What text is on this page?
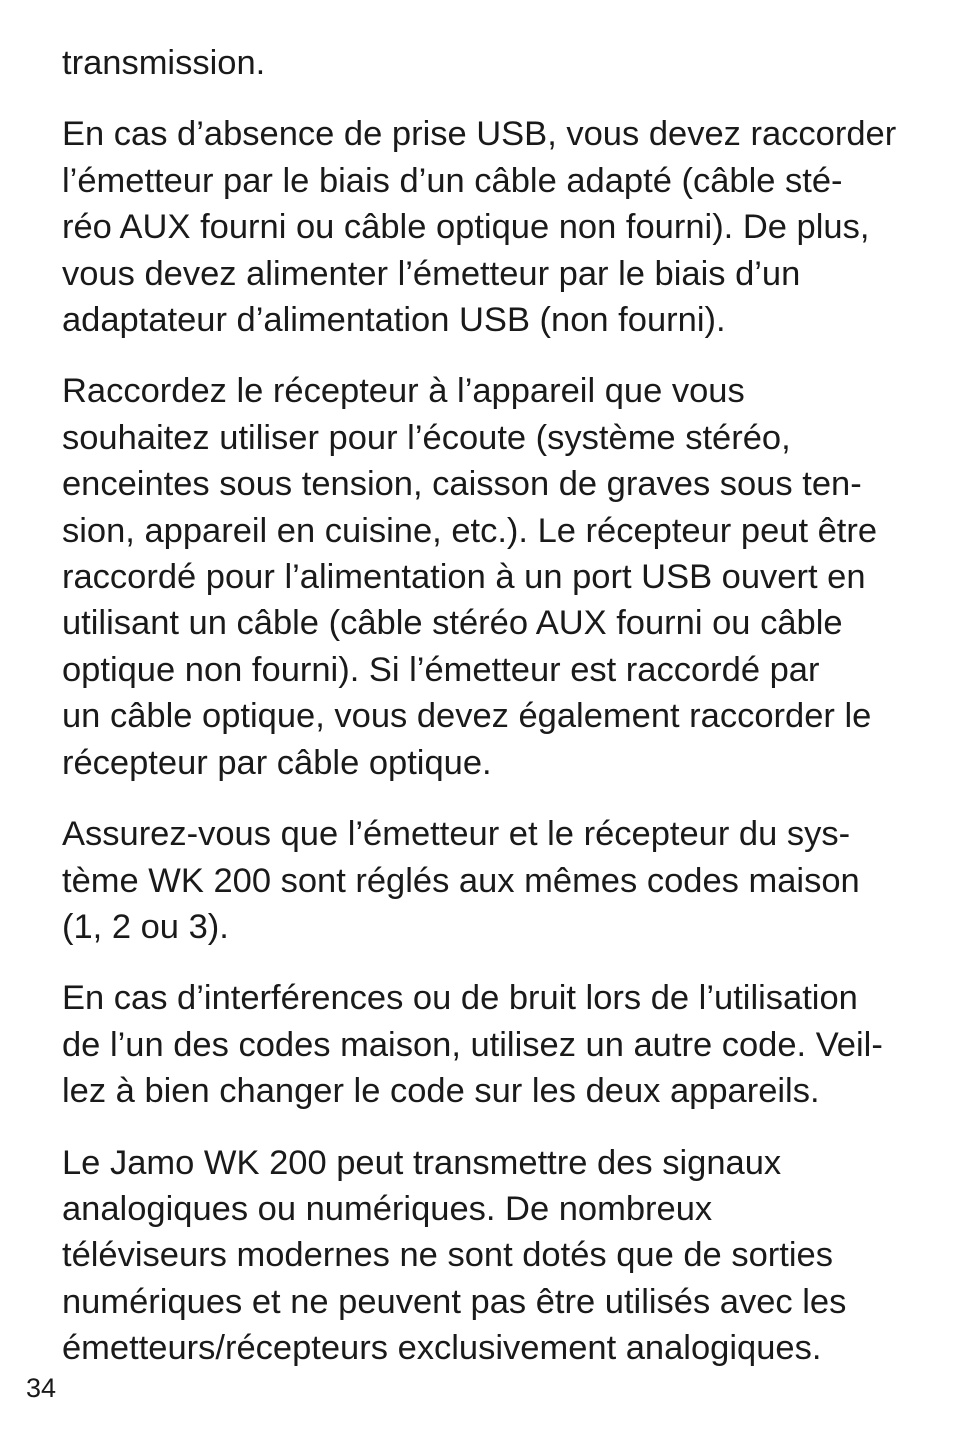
transmission.

En cas d’absence de prise USB, vous devez raccorder
l’émetteur par le biais d’un câble adapté (câble sté-
réo AUX fourni ou câble optique non fourni). De plus,
vous devez alimenter l’émetteur par le biais d’un
adaptateur d’alimentation USB (non fourni).

Raccordez le récepteur à l’appareil que vous
souhaitez utiliser pour l’écoute (système stéréo,
enceintes sous tension, caisson de graves sous ten-
sion, appareil en cuisine, etc.). Le récepteur peut être
raccordé pour l’alimentation à un port USB ouvert en
utilisant un câble (câble stéréo AUX fourni ou câble
optique non fourni). Si l’émetteur est raccordé par
un câble optique, vous devez également raccorder le
récepteur par câble optique.

Assurez-vous que l’émetteur et le récepteur du sys-
tème WK 200 sont réglés aux mêmes codes maison
(1, 2 ou 3).

En cas d’interférences ou de bruit lors de l’utilisation
de l’un des codes maison, utilisez un autre code. Veil-
lez à bien changer le code sur les deux appareils.

Le Jamo WK 200 peut transmettre des signaux
analogiques ou numériques. De nombreux
téléviseurs modernes ne sont dotés que de sorties
numériques et ne peuvent pas être utilisés avec les
émetteurs/récepteurs exclusivement analogiques.

34
